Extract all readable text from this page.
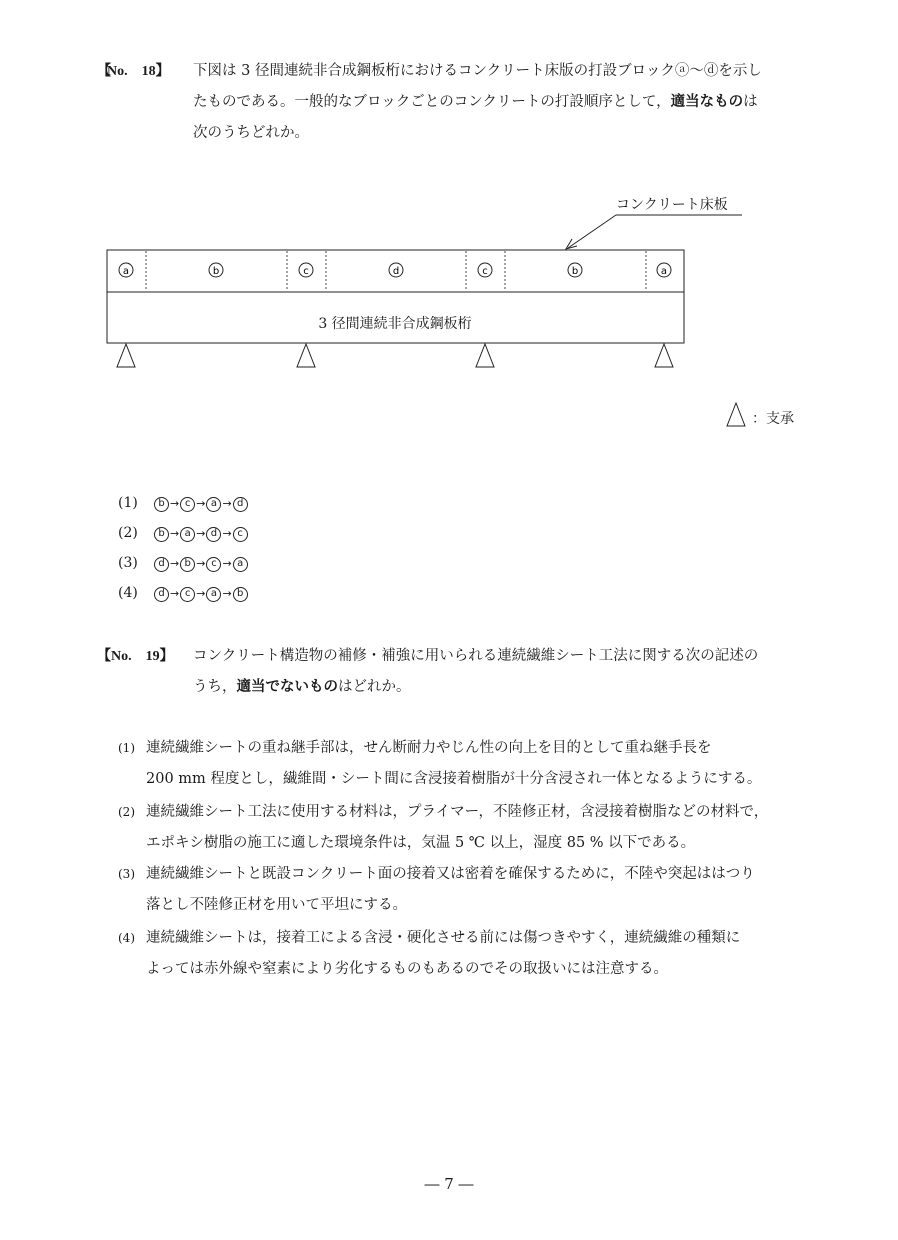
【
No.　18】 下図は 3 径間連続非合成鋼板桁におけるコンクリート床版の打設ブロックⓐ～ⓓを示し

たものである。一般的なブロックごとのコンクリートの打設順序として，適当なものは

次のうちどれか。

コンクリート床板
a	b	c	d	c	b	a
3 径間連続非合成鋼板桁
：支承
(1) b → c → a → d
(2) b → a → d → c
(3) d → b → c → a
(4) d → c → a → b
【No.　19】 コンクリート構造物の補修・補強に用いられる連続繊維シート工法に関する次の記述の

うち，適当でないものはどれか。

(1) 連続繊維シートの重ね継手部は，せん断耐力やじん性の向上を目的として重ね継手長を

200 mm 程度とし，繊維間・シート間に含浸接着樹脂が十分含浸され一体となるようにする。

(2) 連続繊維シート工法に使用する材料は，プライマー，不陸修正材，含浸接着樹脂などの材料で，

エポキシ樹脂の施工に適した環境条件は，気温 5 ℃ 以上，湿度 85 % 以下である。

(3) 連続繊維シートと既設コンクリート面の接着又は密着を確保するために，不陸や突起ははつり

落とし不陸修正材を用いて平坦にする。

(4) 連続繊維シートは，接着工による含浸・硬化させる前には傷つきやすく，連続繊維の種類に

よっては赤外線や窒素により劣化するものもあるのでその取扱いには注意する。

― 7 ―
